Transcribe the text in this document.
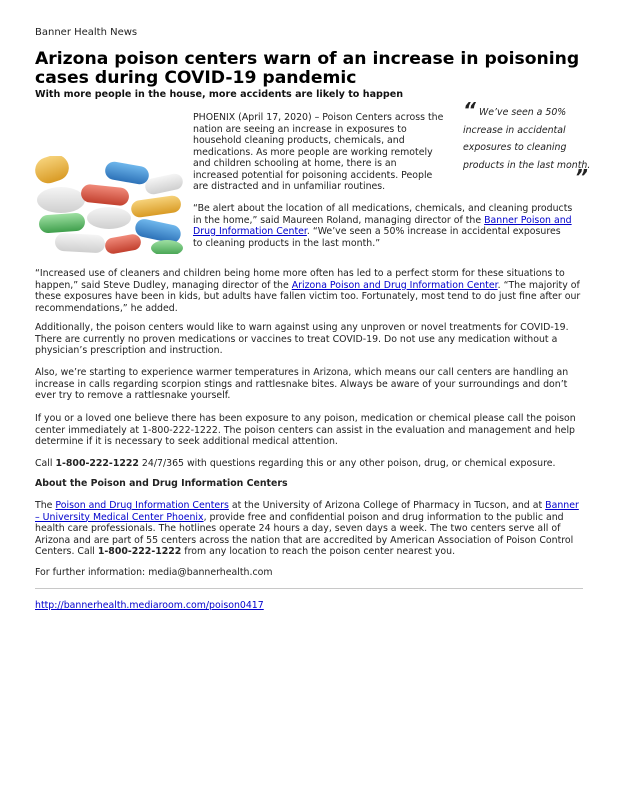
Banner Health News
Arizona poison centers warn of an increase in poisoning cases during COVID-19 pandemic

With more people in the house, more accidents are likely to happen

We’ve seen a 50% increase in accidental exposures to cleaning products in the last month.
“
”

PHOENIX (April 17, 2020) – Poison Centers across the nation are seeing an increase in exposures to household cleaning products, chemicals, and medications. As more people are working remotely and children schooling at home, there is an increased potential for poisoning accidents. People are distracted and in unfamiliar routines.

“Be alert about the location of all medications, chemicals, and cleaning products in the home,” said Maureen Roland, managing director of the Banner Poison and Drug Information Center. “We’ve seen a 50% increase in accidental exposures to cleaning products in the last month.”

“Increased use of cleaners and children being home more often has led to a perfect storm for these situations to happen,” said Steve Dudley, managing director of the Arizona Poison and Drug Information Center. “The majority of these exposures have been in kids, but adults have fallen victim too. Fortunately, most tend to do just fine after our recommendations,” he added.

Additionally, the poison centers would like to warn against using any unproven or novel treatments for COVID-19. There are currently no proven medications or vaccines to treat COVID-19. Do not use any medication without a physician’s prescription and instruction.

Also, we’re starting to experience warmer temperatures in Arizona, which means our call centers are handling an increase in calls regarding scorpion stings and rattlesnake bites. Always be aware of your surroundings and don’t ever try to remove a rattlesnake yourself.

If you or a loved one believe there has been exposure to any poison, medication or chemical please call the poison center immediately at 1-800-222-1222. The poison centers can assist in the evaluation and management and help determine if it is necessary to seek additional medical attention.

Call 1-800-222-1222 24/7/365 with questions regarding this or any other poison, drug, or chemical exposure.

About the Poison and Drug Information Centers

The Poison and Drug Information Centers at the University of Arizona College of Pharmacy in Tucson, and at Banner – University Medical Center Phoenix, provide free and confidential poison and drug information to the public and health care professionals. The hotlines operate 24 hours a day, seven days a week. The two centers serve all of Arizona and are part of 55 centers across the nation that are accredited by American Association of Poison Control Centers. Call 1-800-222-1222 from any location to reach the poison center nearest you.

For further information: media@bannerhealth.com

http://bannerhealth.mediaroom.com/poison0417
